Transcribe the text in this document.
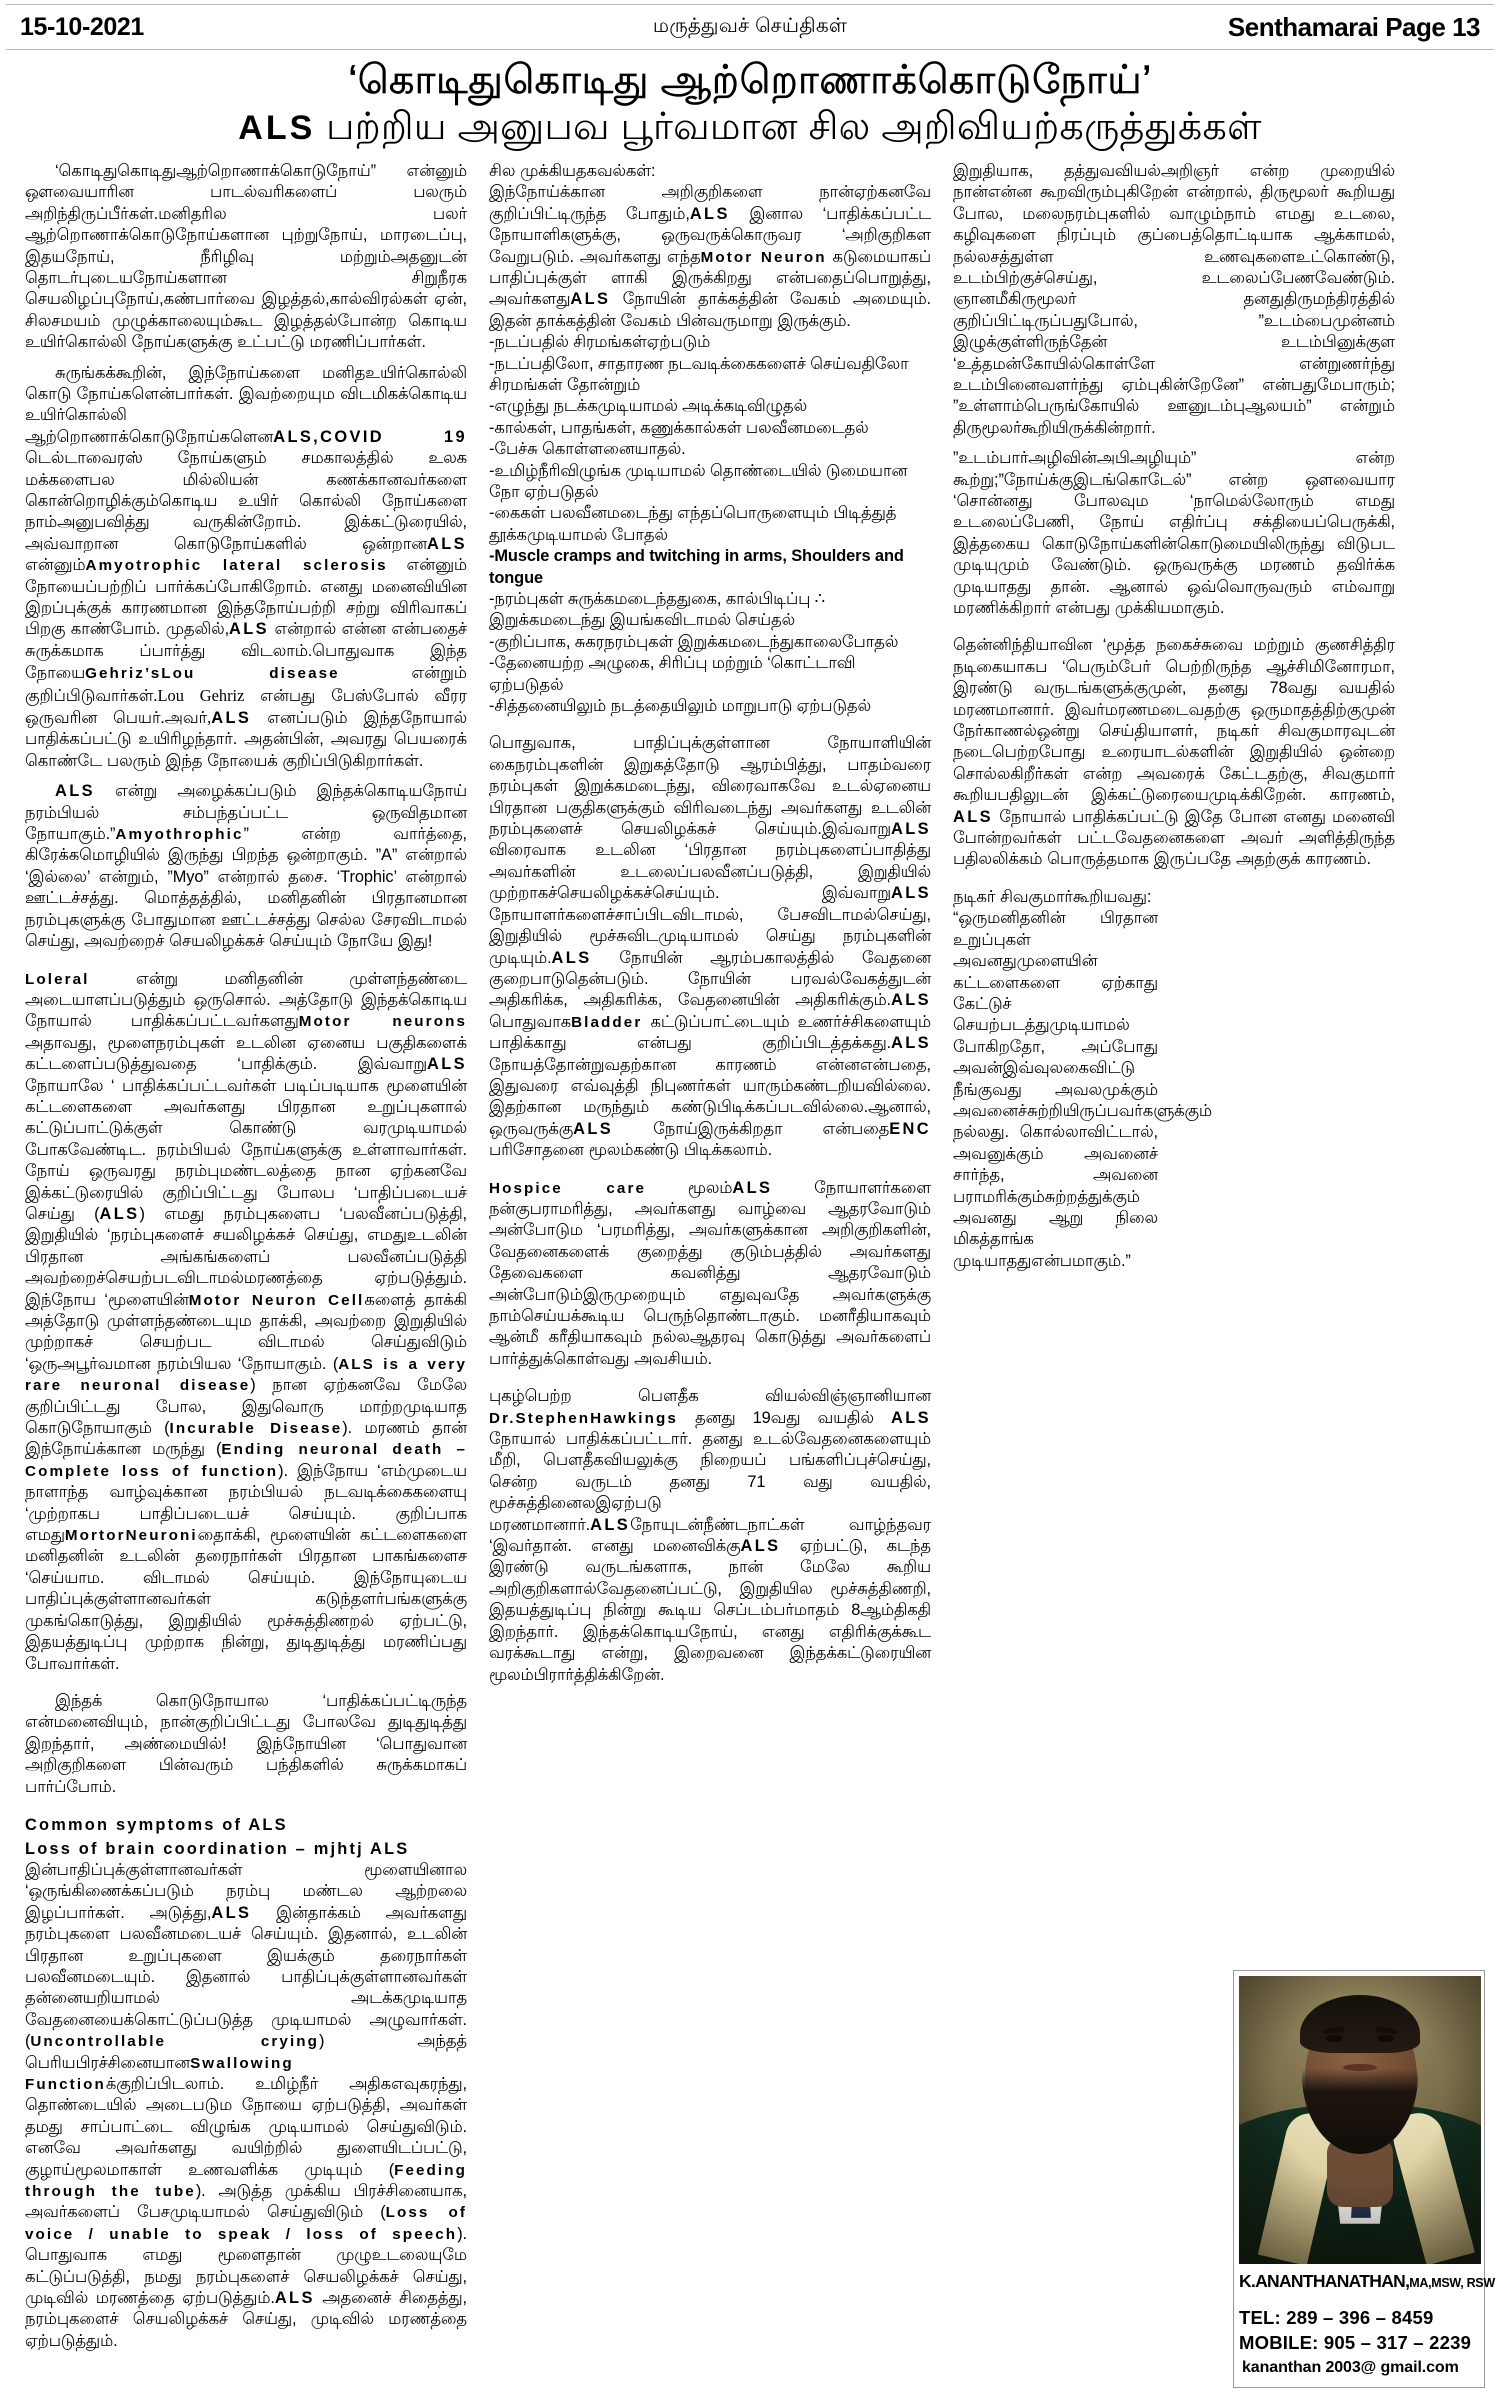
15-10-2021	மருத்துவச் செய்திகள்	Senthamarai Page 13
‘கொடிதுகொடிது ஆற்றொணாக்கொடுநோய்’
ALS பற்றிய அனுபவ பூர்வமான சில அறிவியற்கருத்துக்கள்

‘கொடிதுகொடிதுஆற்றொணாக்கொடுநோய்” என்னும் ஔவையாரின பாடல்வரிகளைப் பலரும் அறிந்திருப்பீர்கள்.மனிதரில பலர் ஆற்றொணாக்கொடுநோய்களான புற்றுநோய், மாரடைப்பு, இதயநோய், நீரிழிவு மற்றும்அதனுடன் தொடர்புடையநோய்களான சிறுநீரக செயலிழப்புநோய்,கண்பார்வை இழத்தல்,கால்விரல்கள் ஏன், சிலசமயம் முழுக்காலையும்கூட இழத்தல்போன்ற கொடிய உயிர்கொல்லி நோய்களுக்கு உட்பட்டு மரணிப்பார்கள்.

சுருங்கக்கூறின், இந்நோய்களை மனிதஉயிர்கொல்லி கொடு நோய்களென்பார்கள். இவற்றையும விடமிகக்கொடிய உயிர்கொல்லி ஆற்றொணாக்கொடுநோய்களெனALS,COVID 19 டெல்டாவைரஸ் நோய்களும் சமகாலத்தில் உலக மக்களைபல மில்லியன் கணக்கானவர்களை கொன்றொழிக்கும்கொடிய உயிர் கொல்லி நோய்களை நாம்அனுபவித்து வருகின்றோம். இக்கட்டுரையில், அவ்வாறான கொடுநோய்களில் ஒன்றானALS என்னும்Amyotrophic lateral sclerosis என்னும் நோயைப்பற்றிப் பார்க்கப்போகிறோம். எனது மனைவியின இறப்புக்குக் காரணமான இந்தநோய்பற்றி சற்று விரிவாகப் பிறகு காண்போம். முதலில்,ALS என்றால் என்ன என்பதைச் சுருக்கமாக ப்பார்த்து விடலாம்.பொதுவாக இந்த நோயைGehriz’sLou disease என்றும் குறிப்பிடுவார்கள்.Lou Gehriz என்பது பேஸ்போல் வீரர ஒருவரின பெயர்.அவர்,ALS எனப்படும் இந்தநோயால் பாதிக்கப்பட்டு உயிரிழந்தார். அதன்பின், அவரது பெயரைக் கொண்டே பலரும் இந்த நோயைக் குறிப்பிடுகிறார்கள்.

ALS என்று அழைக்கப்படும் இந்தக்கொடியநோய் நரம்பியல் சம்பந்தப்பட்ட ஒருவிதமான நோயாகும்.”Amyothrophic” என்ற வார்த்தை, கிரேக்கமொழியில் இருந்து பிறந்த ஒன்றாகும். ”A” என்றால் ‘இல்லை’ என்றும், ”Myo” என்றால் தசை. ‘Trophic’ என்றால் ஊட்டச்சத்து. மொத்தத்தில், மனிதனின் பிரதானமான நரம்புகளுக்கு போதுமான ஊட்டச்சத்து செல்ல சேரவிடாமல் செய்து, அவற்றைச் செயலிழக்கச் செய்யும் நோயே இது!

Loleral என்று மனிதனின் முள்ளந்தண்டை அடையாளப்படுத்தும் ஒருசொல். அத்தோடு இந்தக்கொடிய நோயால் பாதிக்கப்பட்டவர்களதுMotor neurons அதாவது, மூளைநரம்புகள் உடலின ஏனைய பகுதிகளைக் கட்டளைப்படுத்துவதை ‘பாதிக்கும். இவ்வாறுALS நோயாலே ‘ பாதிக்கப்பட்டவர்கள் படிப்படியாக மூளையின் கட்டளைகளை அவர்களது பிரதான உறுப்புகளால் கட்டுப்பாட்டுக்குள் கொண்டு வரமுடியாமல் போகவேண்டிட. நரம்பியல் நோய்களுக்கு உள்ளாவார்கள். நோய் ஒருவரது நரம்புமண்டலத்தை நான ஏற்கனவே இக்கட்டுரையில் குறிப்பிட்டது போலப ‘பாதிப்படையச் செய்து (ALS) எமது நரம்புகளைப ‘பலவீனப்படுத்தி, இறுதியில் ‘நரம்புகளைச் சயலிழக்கச் செய்து, எமதுஉடலின் பிரதான அங்கங்களைப் பலவீனப்படுத்தி அவற்றைச்செயற்படவிடாமல்மரணத்தை ஏற்படுத்தும். இந்நோய ‘மூளையின்Motor Neuron Cellகளைத் தாக்கி அத்தோடு முள்ளந்தண்டையும தாக்கி, அவற்றை இறுதியில் முற்றாகச் செயற்பட விடாமல் செய்துவிடும் ‘ஒருஅபூர்வமான நரம்பியல ‘நோயாகும். (ALS is a very rare neuronal disease) நான ஏற்கனவே மேலே குறிப்பிட்டது போல, இதுவொரு மாற்றமுடியாத கொடுநோயாகும் (Incurable Disease). மரணம் தான் இந்நோய்க்கான மருந்து (Ending neuronal death – Complete loss of function). இந்நோய ‘எம்முடைய நாளாந்த வாழ்வுக்கான நரம்பியல் நடவடிக்கைகளையு ‘முற்றாகப பாதிப்படையச் செய்யும். குறிப்பாக எமதுMortorNeuroniதைாக்கி, மூளையின் கட்டளைகளை மனிதனின் உடலின் தரைநார்கள் பிரதான பாகங்களைச ‘செய்யாம. விடாமல் செய்யும். இந்நோயுடைய பாதிப்புக்குள்ளானவர்கள் கடுந்தளர்பங்களுக்கு முகங்கொடுத்து, இறுதியில் மூச்சுத்திணறல் ஏற்பட்டு, இதயத்துடிப்பு முற்றாக நின்று, துடிதுடித்து மரணிப்பது போவார்கள்.

இந்தக் கொடுநோயால ‘பாதிக்கப்பட்டிருந்த என்மனைவியும், நான்குறிப்பிட்டது போலவே துடிதுடித்து இறந்தார், அண்மையில்! இந்நோயின ‘பொதுவான அறிகுறிகளை பின்வரும் பந்திகளில் சுருக்கமாகப் பார்ப்போம்.

Common symptoms of ALS
Loss of brain coordination – mjhtj ALS

இன்பாதிப்புக்குள்ளானவர்கள் மூளையினால ‘ஒருங்கிணைக்கப்படும் நரம்பு மண்டல ஆற்றலை இழப்பார்கள். அடுத்து,ALS இன்தாக்கம் அவர்களது நரம்புகளை பலவீனமடையச் செய்யும். இதனால், உடலின் பிரதான உறுப்புகளை இயக்கும் தரைநார்கள் பலவீனமடையும். இதனால் பாதிப்புக்குள்ளானவர்கள் தன்னையறியாமல் அடக்கமுடியாத வேதனையைக்கொட்டுப்படுத்த முடியாமல் அழுவார்கள். (Uncontrollable crying) அந்தத் பெரியபிரச்சினையானSwallowing Functionக்குறிப்பிடலாம். உமிழ்நீர் அதிகஎவுகரந்து, தொண்டையில் அடைபடும நோயை ஏற்படுத்தி, அவர்கள் தமது சாப்பாட்டை விழுங்க முடியாமல் செய்துவிடும். எனவே அவர்களது வயிற்றில் துளையிடப்பட்டு, குழாய்மூலமாகாள் உணவளிக்க முடியும் (Feeding through the tube). அடுத்த முக்கிய பிரச்சினையாக, அவர்களைப் பேசமுடியாமல் செய்துவிடும் (Loss of voice / unable to speak / loss of speech). பொதுவாக எமது மூளைதான் முழுஉடலையுமே கட்டுப்படுத்தி, நமது நரம்புகளைச் செயலிழக்கச் செய்து, முடிவில் மரணத்தை ஏற்படுத்தும்.ALS அதனைச் சிதைத்து, நரம்புகளைச் செயலிழக்கச் செய்து, முடிவில் மரணத்தை ஏற்படுத்தும்.

சில முக்கியதகவல்கள்:

இந்நோய்க்கான அறிகுறிகளை நான்ஏற்கனவே குறிப்பிட்டிருந்த போதும்,ALS இனால ‘பாதிக்கப்பட்ட நோயாளிகளுக்கு, ஒருவருக்கொருவர ‘அறிகுறிகள வேறுபடும். அவர்களது எந்தMotor Neuron கடுமையாகப் பாதிப்புக்குள் ளாகி இருக்கிறது என்பதைப்பொறுத்து, அவர்களதுALS நோயின் தாக்கத்தின் வேகம் அமையும். இதன் தாக்கத்தின் வேகம் பின்வருமாறு இருக்கும்.

-நடப்பதில் சிரமங்கள்ஏற்படும்
-நடப்பதிலோ, சாதாரண நடவடிக்கைகளைச் செய்வதிலோ சிரமங்கள் தோன்றும்
-எழுந்து நடக்கமுடியாமல் அடிக்கடிவிழுதல்
-கால்கள், பாதங்கள், கணுக்கால்கள் பலவீனமடைதல்
-பேச்சு கொள்ளனையாதல்.
-உமிழ்நீரிவிழுங்க முடியாமல் தொண்டையில் டுமையான நோ ஏற்படுதல்
-கைகள் பலவீனமடைந்து எந்தப்பொருளையும் பிடித்துத் தூக்கமுடியாமல் போதல்
-Muscle cramps and twitching in arms, Shoulders and tongue
-நரம்புகள் சுருக்கமடைந்ததுகை, கால்பிடிப்பு ∴ இறுக்கமடைந்து இயங்கவிடாமல் செய்தல்
-குறிப்பாக, சுகரநரம்புகள் இறுக்கமடைந்துகாலைபோதல்
-தேனையற்ற அழுகை, சிரிப்பு மற்றும் ‘கொட்டாவி ஏற்படுதல்
-சித்தனையிலும் நடத்தையிலும் மாறுபாடு ஏற்படுதல்

பொதுவாக, பாதிப்புக்குள்ளான நோயாளியின் கைநரம்புகளின் இறுகத்தோடு ஆரம்பித்து, பாதம்வரை நரம்புகள் இறுக்கமடைந்து, விரைவாகவே உடல்ஏனைய பிரதான பகுதிகளுக்கும் விரிவடைந்து அவர்களது உடலின் நரம்புகளைச் செயலிழக்கச் செய்யும்.இவ்வாறுALS விரைவாக உடலின ‘பிரதான நரம்புகளைப்பாதித்து அவர்களின் உடலைப்பலவீனப்படுத்தி, இறுதியில் முற்றாகச்செயலிழக்கச்செய்யும். இவ்வாறுALS நோயாளர்களைச்சாப்பிடவிடாமல், பேசவிடாமல்செய்து, இறுதியில் மூச்சுவிடமுடியாமல் செய்து நரம்புகளின் முடியும்.ALS நோயின் ஆரம்பகாலத்தில் வேதனை குறைபாடுதென்படும். நோயின் பரவல்வேகத்துடன் அதிகரிக்க, அதிகரிக்க, வேதனையின் அதிகரிக்கும்.ALS பொதுவாகBladder கட்டுப்பாட்டையும் உணர்ச்சிகளையும் பாதிக்காது என்பது குறிப்பிடத்தக்கது.ALS நோயத்தோன்றுவதற்கான காரணம் என்னஎன்பதை, இதுவரை எவ்வுத்தி நிபுணர்கள் யாரும்கண்டறியவில்லை. இதற்கான மருந்தும் கண்டுபிடிக்கப்படவில்லை.ஆனால், ஒருவருக்குALS நோய்இருக்கிறதா என்பதைENC பரிசோதனை மூலம்கண்டு பிடிக்கலாம்.

Hospice care மூலம்ALS நோயாளர்களை நன்குபராமரித்து, அவர்களது வாழ்வை ஆதரவோடும் அன்போடும ‘பரமரித்து, அவர்களுக்கான அறிகுறிகளின், வேதனைகளைக் குறைத்து குடும்பத்தில் அவர்களது தேவைகளை கவனித்து ஆதரவோடும் அன்போடும்இருமுறையும் எதுவுவதே அவர்களுக்கு நாம்செய்யக்கூடிய பெருந்தொண்டாகும். மனரீதியாகவும் ஆன்மீ கரீதியாகவும் நல்லஆதரவு கொடுத்து அவர்களைப் பார்த்துக்கொள்வது அவசியம்.

புகழ்பெற்ற பௌதீக வியல்விஞ்ஞானியான Dr.StephenHawkings தனது 19வது வயதில் ALS நோயால் பாதிக்கப்பட்டார். தனது உடல்வேதனைகளையும் மீறி, பௌதீகவியலுக்கு நிறையப் பங்களிப்புச்செய்து, சென்ற வருடம் தனது 71 வது வயதில், மூச்சுத்தினைலஇஏற்படு மரணமானார்.ALSநோயுடன்நீண்டநாட்கள் வாழ்ந்தவர ‘இவர்தான். எனது மனைவிக்குALS ஏற்பட்டு, கடந்த இரண்டு வருடங்களாக, நான் மேலே கூறிய அறிகுறிகளால்வேதனைப்பட்டு, இறுதியில மூச்சுத்திணறி, இதயத்துடிப்பு நின்று கூடிய செப்டம்பர்மாதம் 8ஆம்திகதி இறந்தார். இந்தக்கொடியநோய், எனது எதிரிக்குக்கூட வரக்கூடாது என்று, இறைவனை இந்தக்கட்டுரையின மூலம்பிரார்த்திக்கிறேன்.

இறுதியாக, தத்துவவியல்அறிஞர் என்ற முறையில் நான்என்ன கூறவிரும்புகிறேன் என்றால், திருமூலர் கூறியது போல, மலைநரம்புகளில் வாழும்நாம் எமது உடலை, கழிவுகளை நிரப்பும் குப்பைத்தொட்டியாக ஆக்காமல், நல்லசத்துள்ள உணவுகளைஉட்கொண்டு, உடம்பிற்குச்செய்து, உடலைப்பேணவேண்டும். ஞானமீகிருமூலர் தனதுதிருமந்திரத்தில் குறிப்பிட்டிருப்பதுபோல், ”உடம்பைமுன்னம் இழுக்குள்ளிருந்தேன் உடம்பினுக்குள ‘உத்தமன்கோயில்கொள்ளே என்றுணர்ந்து உடம்பினைவளர்ந்து ஏம்புகின்றேனே” என்பதுமேபாரும்; ”உள்ளாம்பெருங்கோயில் ஊனுடம்புஆலயம்” என்றும் திருமூலர்கூறியிருக்கின்றார்.

”உடம்பார்அழிவின்அபிஅழியும்” என்ற கூற்று;”நோய்க்குஇடங்கொடேல்” என்ற ஔவையார ‘சொன்னது போலவும ‘நாமெல்லோரும் எமது உடலைப்பேணி, நோய் எதிர்ப்பு சக்தியைப்பெருக்கி, இத்தகைய கொடுநோய்களின்கொடுமையிலிருந்து விடுபட முடியுமும் வேண்டும். ஒருவருக்கு மரணம் தவிர்க்க முடியாதது தான். ஆனால் ஒவ்வொருவரும் எம்வாறு மரணிக்கிறார் என்பது முக்கியமாகும்.

தென்னிந்தியாவின ‘மூத்த நகைச்சுவை மற்றும் குணசித்திர நடிகையாகப ‘பெரும்பேர் பெற்றிருந்த ஆச்சிமினோரமா, இரண்டு வருடங்களுக்குமுன், தனது 78வது வயதில் மரணமானார். இவர்மரணமடைவதற்கு ஒருமாதத்திற்குமுன் நேர்காணல்ஒன்று செய்தியாளர், நடிகர் சிவகுமாரவுடன் நடைபெற்றபோது உரையாடல்களின் இறுதியில் ஒன்றை சொல்லகிறீர்கள் என்ற அவரைக் கேட்டதற்கு, சிவகுமார் கூறியபதிலுடன் இக்கட்டுரையைமுடிக்கிறேன். காரணம், ALS நோயால் பாதிக்கப்பட்டு இதே போன எனது மனைவி போன்றவர்கள் பட்டவேதனைகளை அவர் அளித்திருந்த பதிலலிக்கம் பொருத்தமாக இருப்பதே அதற்குக் காரணம்.

நடிகர் சிவகுமார்கூறியவது:

“ஒருமனிதனின் பிரதான உறுப்புகள் அவனதுமுளையின் கட்டளைகளை ஏற்காது கேட்டுச் செயற்படத்துமுடியாமல் போகிறதோ, அப்போது அவன்இவ்வுலகைவிட்டு நீங்குவது அவலமுக்கும் அவனைச்சுற்றியிருப்பவர்களுக்கும் நல்லது. கொல்லாவிட்டால், அவனுக்கும் அவனைச் சார்ந்த, அவனை பராமரிக்கும்சுற்றத்துக்கும் அவனது ஆறு நிலை மிகத்தாங்க முடியாததுஎன்பமாகும்.”

K.ANANTHANATHAN,MA,MSW, RSW
TEL: 289 – 396 – 8459
MOBILE: 905 – 317 – 2239
kananthan 2003@ gmail.com
